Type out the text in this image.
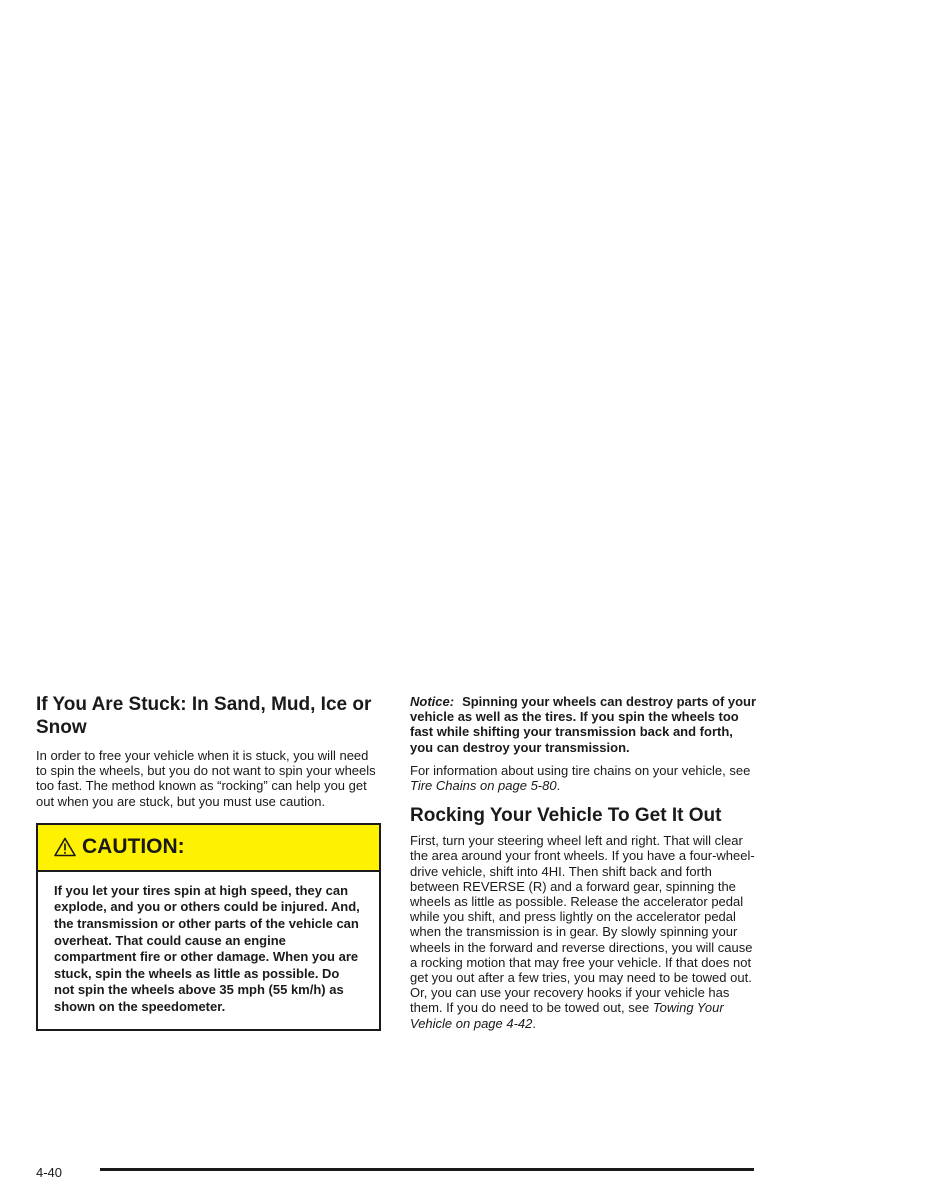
If You Are Stuck: In Sand, Mud, Ice or Snow

In order to free your vehicle when it is stuck, you will need to spin the wheels, but you do not want to spin your wheels too fast. The method known as “rocking” can help you get out when you are stuck, but you must use caution.

CAUTION:
If you let your tires spin at high speed, they can explode, and you or others could be injured. And, the transmission or other parts of the vehicle can overheat. That could cause an engine compartment fire or other damage. When you are stuck, spin the wheels as little as possible. Do not spin the wheels above 35 mph (55 km/h) as shown on the speedometer.

Notice: Spinning your wheels can destroy parts of your vehicle as well as the tires. If you spin the wheels too fast while shifting your transmission back and forth, you can destroy your transmission.

For information about using tire chains on your vehicle, see Tire Chains on page 5-80.

Rocking Your Vehicle To Get It Out

First, turn your steering wheel left and right. That will clear the area around your front wheels. If you have a four-wheel-drive vehicle, shift into 4HI. Then shift back and forth between REVERSE (R) and a forward gear, spinning the wheels as little as possible. Release the accelerator pedal while you shift, and press lightly on the accelerator pedal when the transmission is in gear. By slowly spinning your wheels in the forward and reverse directions, you will cause a rocking motion that may free your vehicle. If that does not get you out after a few tries, you may need to be towed out. Or, you can use your recovery hooks if your vehicle has them. If you do need to be towed out, see Towing Your Vehicle on page 4-42.

4-40
